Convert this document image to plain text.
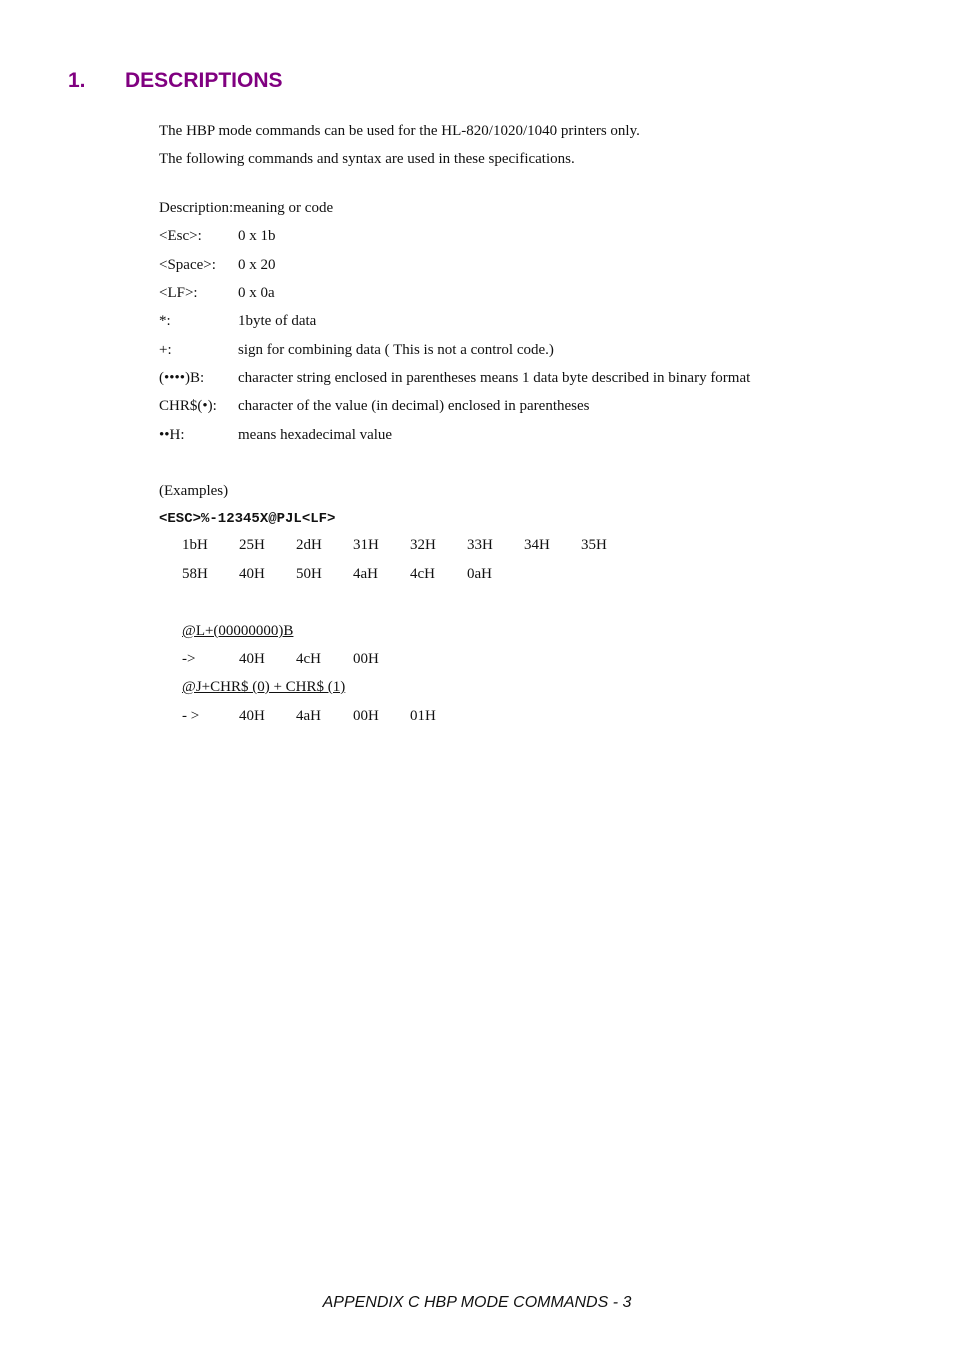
1. DESCRIPTIONS
The HBP mode commands can be used for the HL-820/1020/1040 printers only.
The following commands and syntax are used in these specifications.
Description:meaning or code
<Esc>: 0 x 1b
<Space>: 0 x 20
<LF>:	0 x 0a
*:	1byte of data
+:	sign for combining data ( This is not a control code.)
(••••)B: character string enclosed in parentheses means 1 data byte described in binary format
CHR$(•): character of the value (in decimal) enclosed in parentheses
••H:	means hexadecimal value
(Examples)
<ESC>%-12345X@PJL<LF>
1bH 25H 2dH 31H 32H 33H 34H 35H
58H 40H 50H 4aH 4cH 0aH
@L+(00000000)B
->	40H 4cH 00H
@J+CHR$ (0) + CHR$ (1)
- >	40H 4aH 00H 01H
APPENDIX C HBP MODE COMMANDS - 3
